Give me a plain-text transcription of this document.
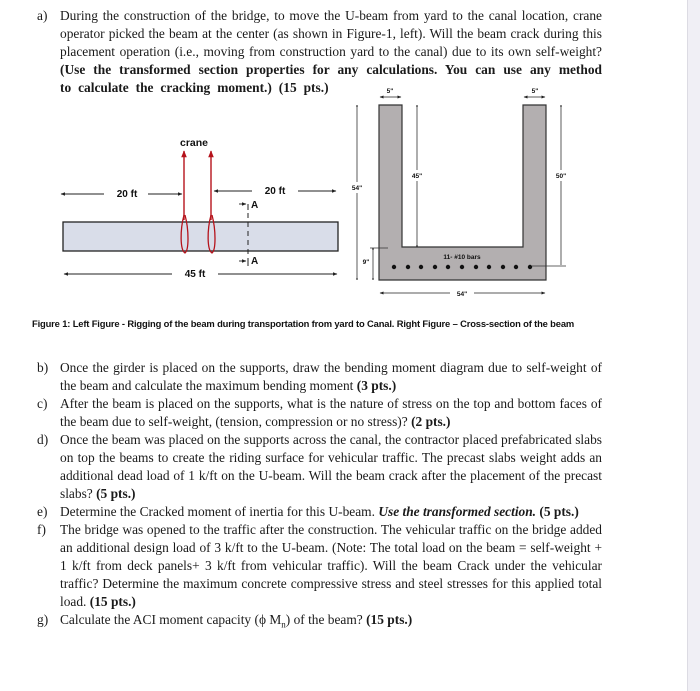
a) During the construction of the bridge, to move the U-beam from yard to the canal location, crane operator picked the beam at the center (as shown in Figure-1, left). Will the beam crack during this placement operation (i.e., moving from construction yard to the canal) due to its own self-weight? (Use the transformed section properties for any calculations. You can use any method to calculate the cracking moment.) (15 pts.)
crane
20 ft	20 ft
A
A
45 ft
5"	5"
54"
45"	50"
9"
11- #10 bars
54"
Figure 1: Left Figure - Rigging of the beam during transportation from yard to Canal. Right Figure – Cross-section of the beam
b) Once the girder is placed on the supports, draw the bending moment diagram due to self-weight of the beam and calculate the maximum bending moment (3 pts.)
c) After the beam is placed on the supports, what is the nature of stress on the top and bottom faces of the beam due to self-weight, (tension, compression or no stress)? (2 pts.)
d) Once the beam was placed on the supports across the canal, the contractor placed prefabricated slabs on top the beams to create the riding surface for vehicular traffic. The precast slabs weight adds an additional dead load of 1 k/ft on the U-beam. Will the beam crack after the placement of the precast slabs? (5 pts.)
e) Determine the Cracked moment of inertia for this U-beam. Use the transformed section. (5 pts.)
f) The bridge was opened to the traffic after the construction. The vehicular traffic on the bridge added an additional design load of 3 k/ft to the U-beam. (Note: The total load on the beam = self-weight + 1 k/ft from deck panels+ 3 k/ft from vehicular traffic). Will the beam Crack under the vehicular traffic? Determine the maximum concrete compressive stress and steel stresses for this applied total load. (15 pts.)
g) Calculate the ACI moment capacity (ϕ $M_n$) of the beam? (15 pts.)
